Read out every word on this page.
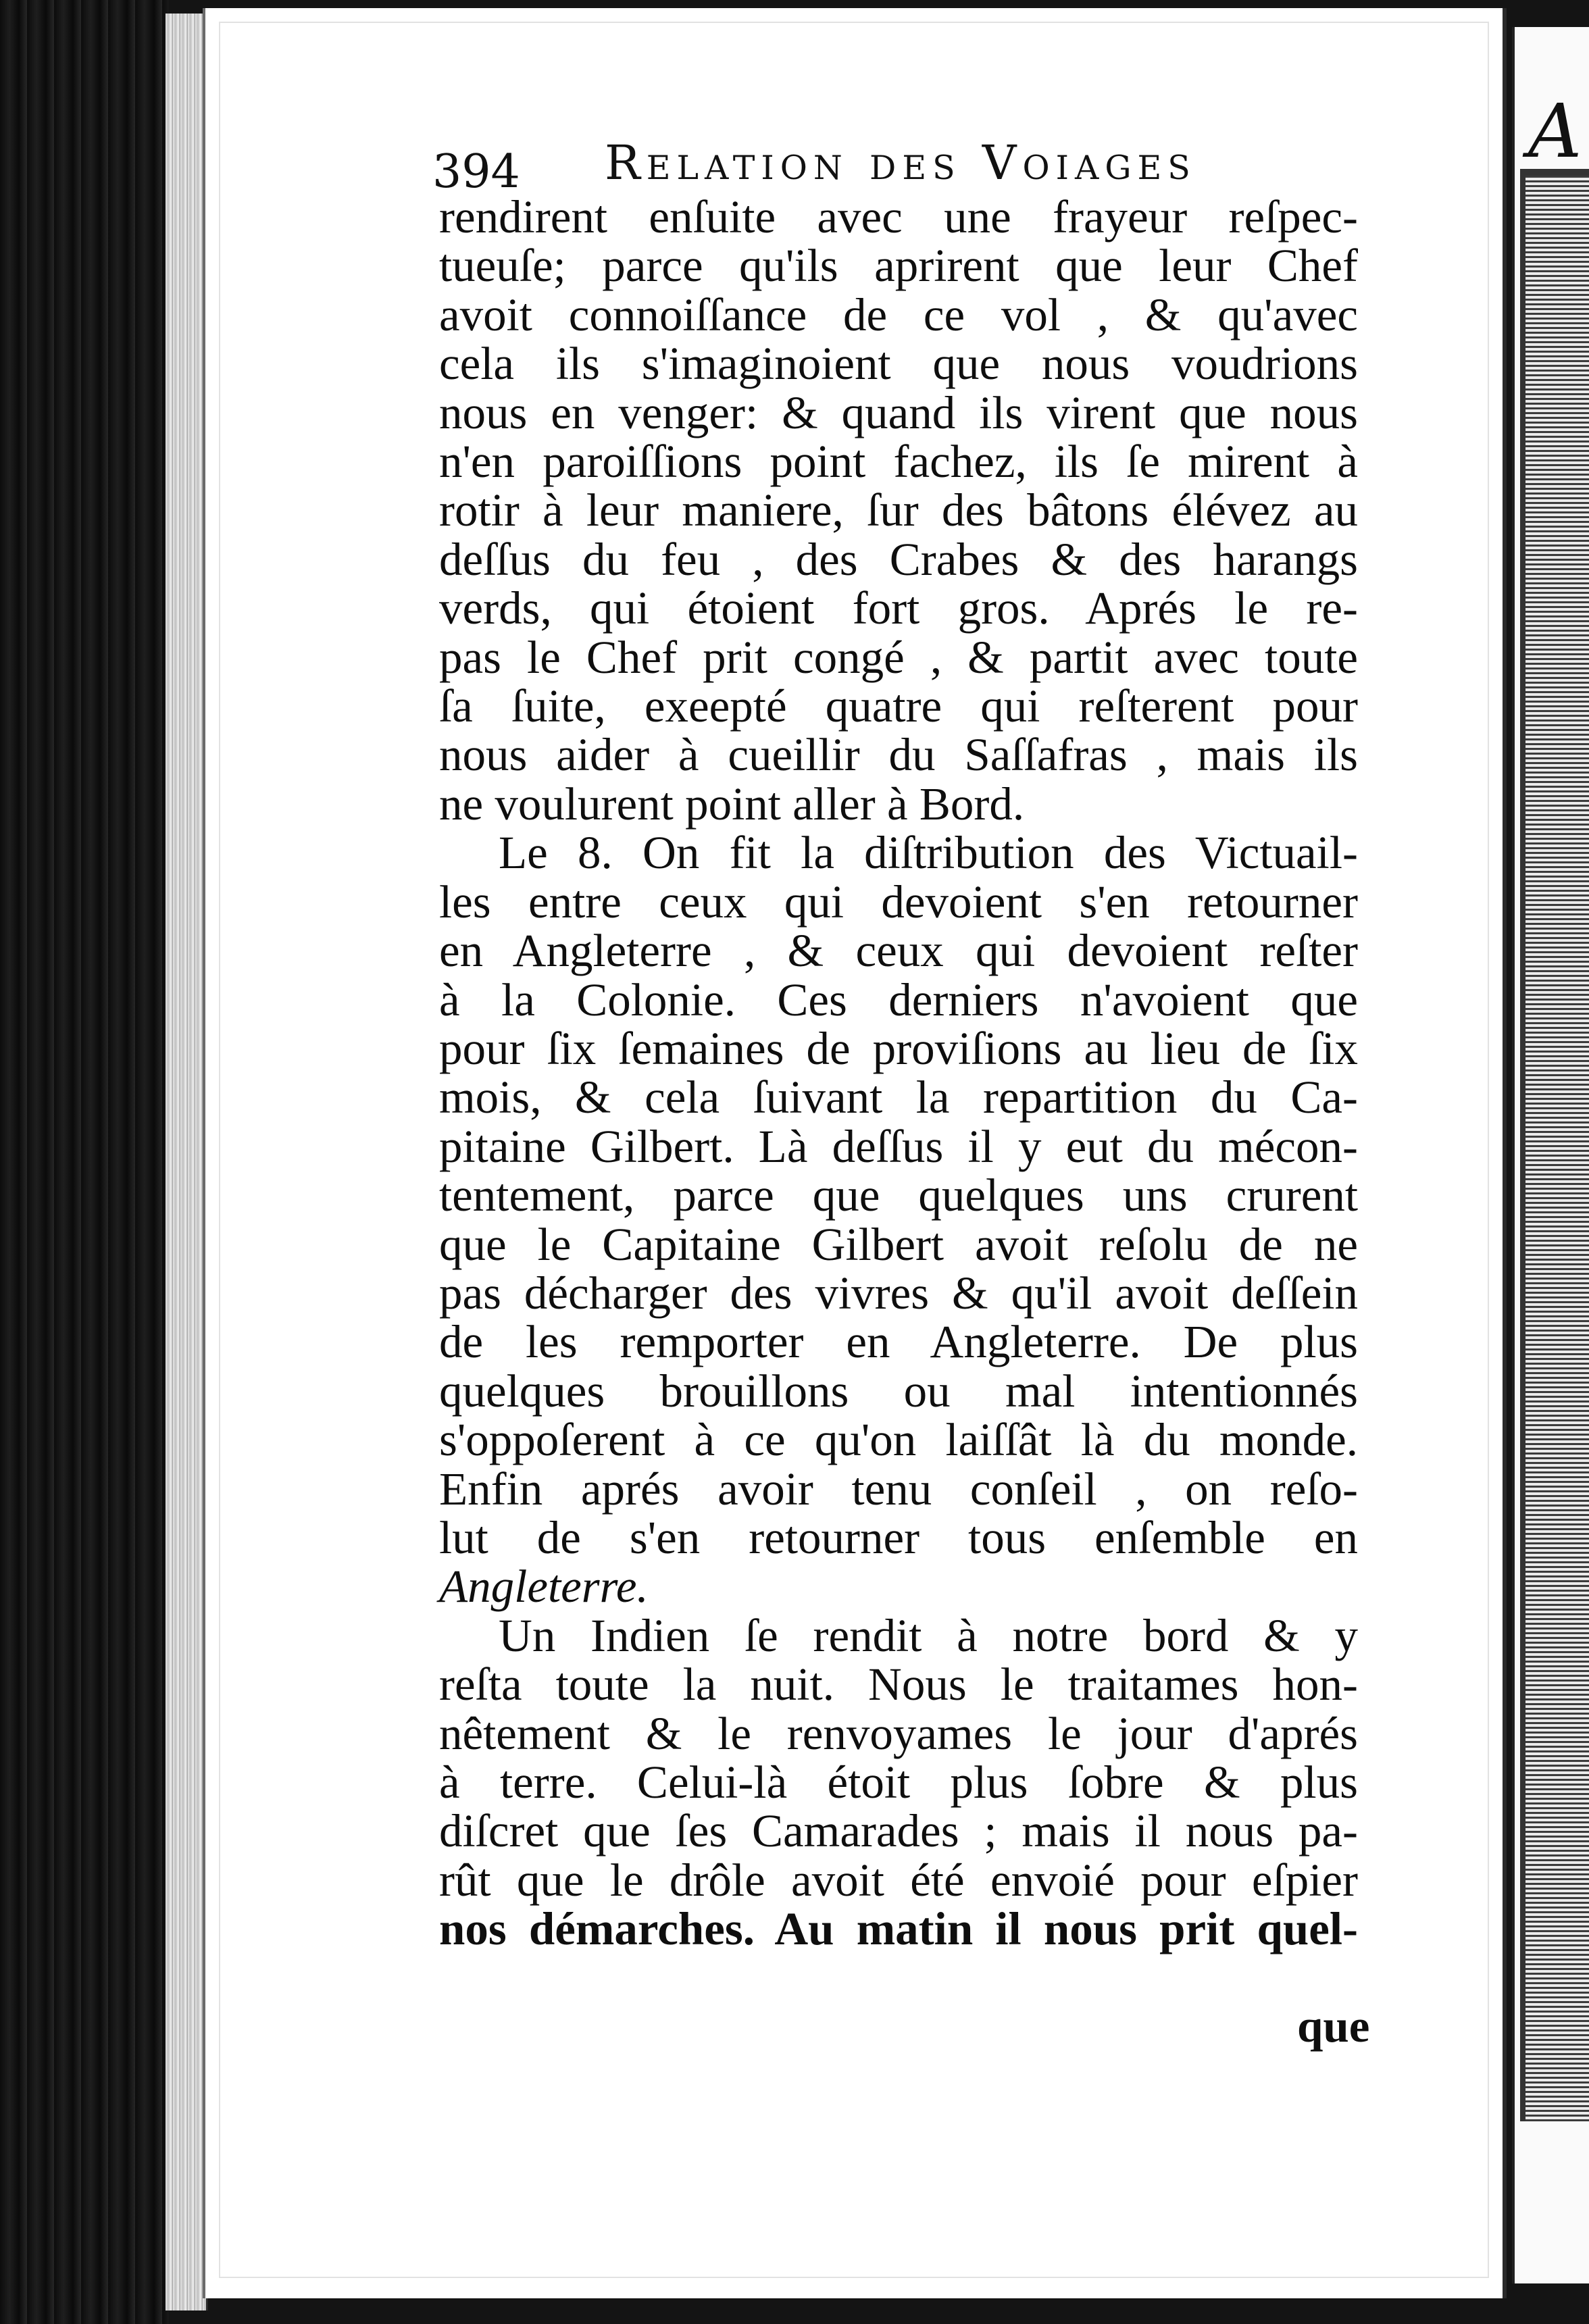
A
394 Relation des Voiages
rendirent enſuite avec une frayeur reſpec-
tueuſe; parce qu'ils aprirent que leur Chef
avoit connoiſſance de ce vol , & qu'avec
cela ils s'imaginoient que nous voudrions
nous en venger: & quand ils virent que nous
n'en paroiſſions point fachez, ils ſe mirent à
rotir à leur maniere, ſur des bâtons élévez au
deſſus du feu , des Crabes & des harangs
verds, qui étoient fort gros. Aprés le re-
pas le Chef prit congé , & partit avec toute
ſa ſuite, exeepté quatre qui reſterent pour
nous aider à cueillir du Saſſafras , mais ils
ne voulurent point aller à Bord.
Le 8. On fit la diſtribution des Victuail-
les entre ceux qui devoient s'en retourner
en Angleterre , & ceux qui devoient reſter
à la Colonie. Ces derniers n'avoient que
pour ſix ſemaines de proviſions au lieu de ſix
mois, & cela ſuivant la repartition du Ca-
pitaine Gilbert. Là deſſus il y eut du mécon-
tentement, parce que quelques uns crurent
que le Capitaine Gilbert avoit reſolu de ne
pas décharger des vivres & qu'il avoit deſſein
de les remporter en Angleterre. De plus
quelques brouillons ou mal intentionnés
s'oppoſerent à ce qu'on laiſſât là du monde.
Enfin aprés avoir tenu conſeil , on reſo-
lut de s'en retourner tous enſemble en
Angleterre.
Un Indien ſe rendit à notre bord & y
reſta toute la nuit. Nous le traitames hon-
nêtement & le renvoyames le jour d'aprés
à terre. Celui-là étoit plus ſobre & plus
diſcret que ſes Camarades ; mais il nous pa-
rût que le drôle avoit été envoié pour eſpier
nos démarches. Au matin il nous prit quel-
que
